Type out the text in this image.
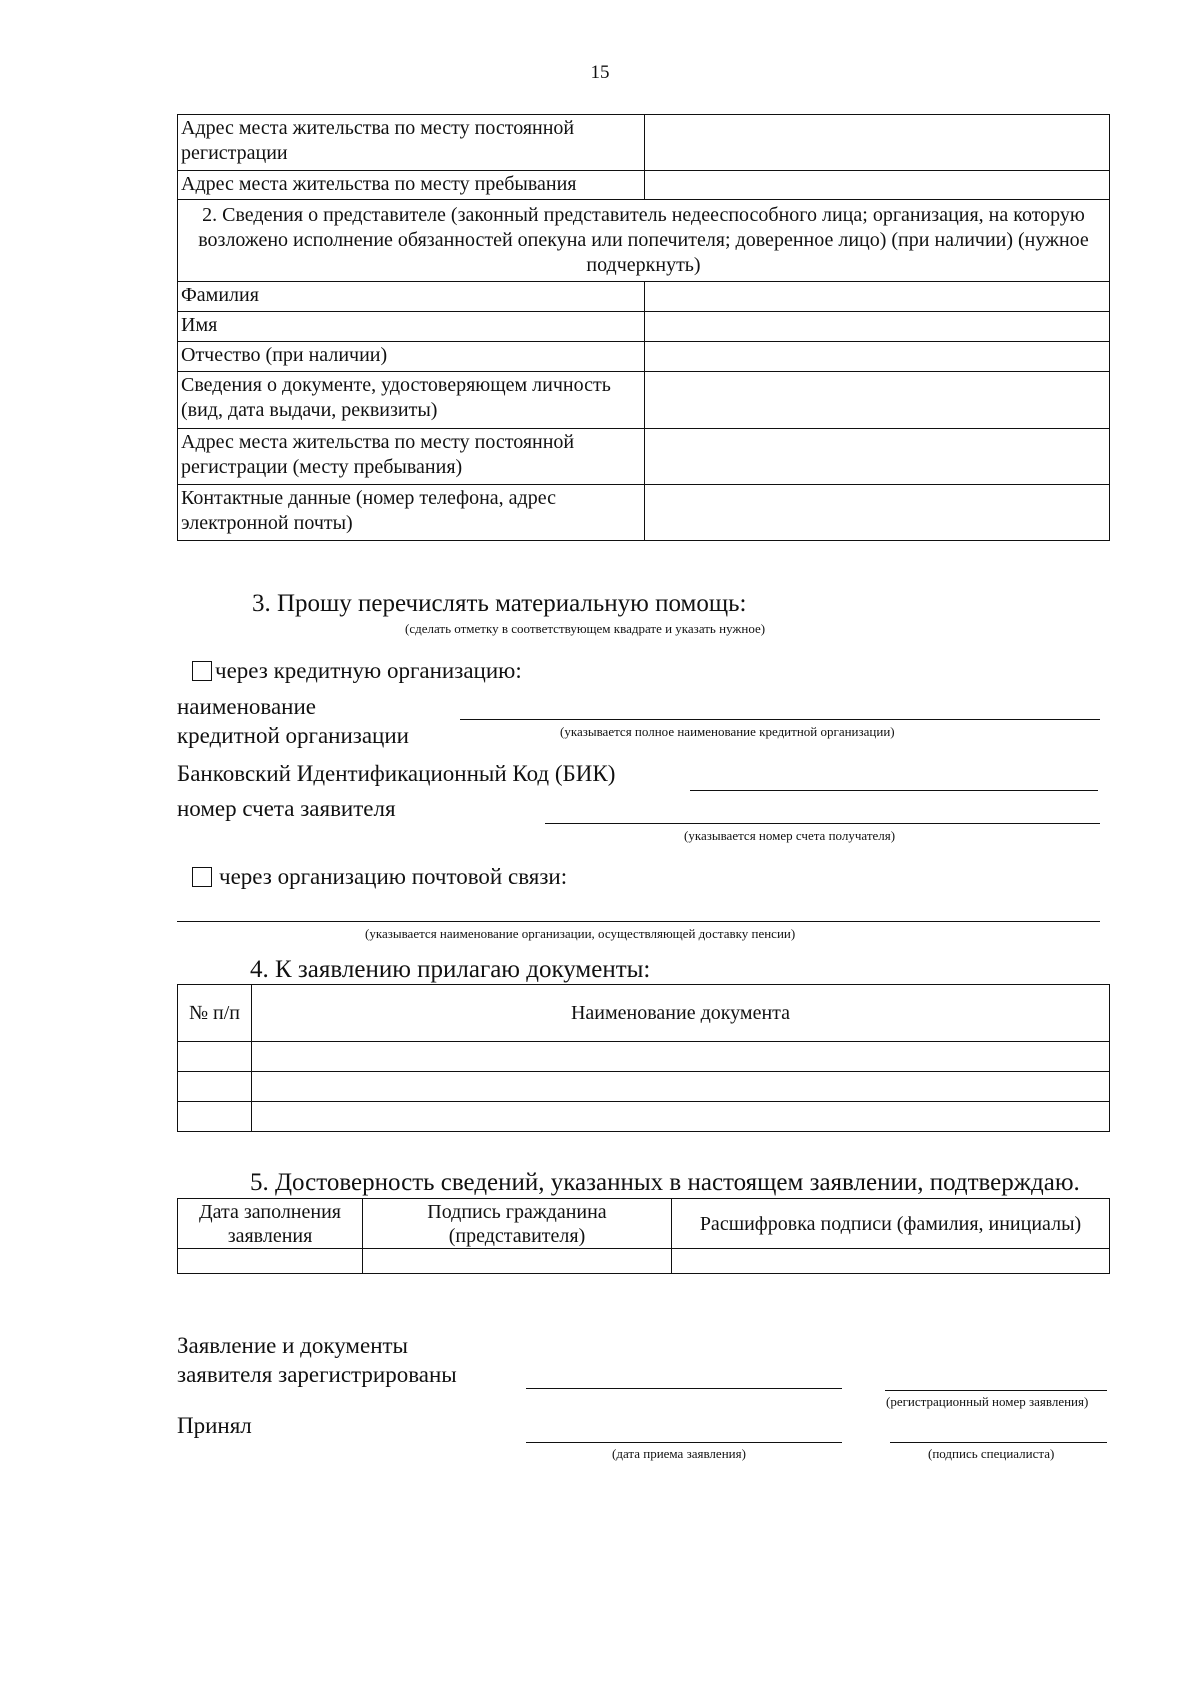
15
Адрес места жительства по месту постоянной регистрации	
Адрес места жительства по месту пребывания	
2. Сведения о представителе (законный представитель недееспособного лица; организация, на которую возложено исполнение обязанностей опекуна или попечителя; доверенное лицо) (при наличии) (нужное подчеркнуть)	
Фамилия	
Имя	
Отчество (при наличии)	
Сведения о документе, удостоверяющем личность (вид, дата выдачи, реквизиты)	
Адрес места жительства по месту постоянной регистрации (месту пребывания)	
Контактные данные (номер телефона, адрес электронной почты)	
3. Прошу перечислять материальную помощь:
(сделать отметку в соответствующем квадрате и указать нужное)
через кредитную организацию:
наименование
кредитной организации	(указывается полное наименование кредитной организации)
Банковский Идентификационный Код (БИК)
номер счета заявителя
(указывается номер счета получателя)
через организацию почтовой связи:
(указывается наименование организации, осуществляющей доставку пенсии)
4. К заявлению прилагаю документы:
№ п/п	Наименование документа

5. Достоверность сведений, указанных в настоящем заявлении, подтверждаю.
Дата заполнения заявления	Подпись гражданина (представителя)	Расшифровка подписи (фамилия, инициалы)

Заявление и документы
заявителя зарегистрированы
(регистрационный номер заявления)
Принял
(дата приема заявления)	(подпись специалиста)
